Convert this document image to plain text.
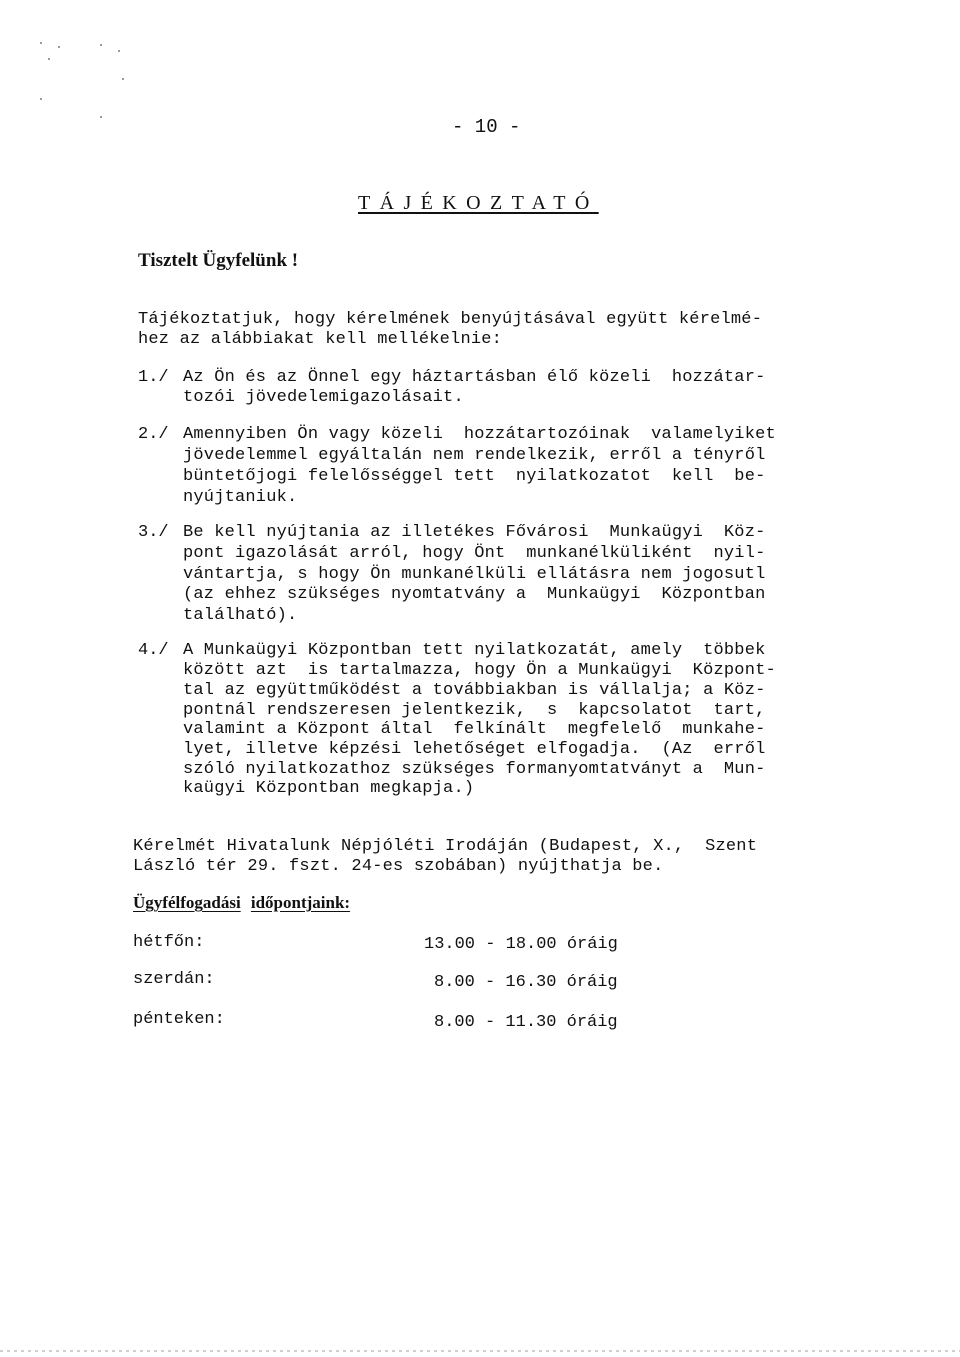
- 10 -
TÁJÉKOZTATÓ
Tisztelt Ügyfelünk !
Tájékoztatjuk, hogy kérelmének benyújtásával együtt kérelmé-
hez az alábbiakat kell mellékelnie:
1./ Az Ön és az Önnel egy háztartásban élő közeli  hozzátar-
tozói jövedelemigazolásait.
2./ Amennyiben Ön vagy közeli  hozzátartozóinak  valamelyiket
jövedelemmel egyáltalán nem rendelkezik, erről a tényről
büntetőjogi felelősséggel tett  nyilatkozatot  kell  be-
nyújtaniuk.
3./ Be kell nyújtania az illetékes Fővárosi  Munkaügyi  Köz-
pont igazolását arról, hogy Önt  munkanélküliként  nyil-
vántartja, s hogy Ön munkanélküli ellátásra nem jogosutl
(az ehhez szükséges nyomtatvány a  Munkaügyi  Központban
található).
4./ A Munkaügyi Központban tett nyilatkozatát, amely  többek
között azt  is tartalmazza, hogy Ön a Munkaügyi  Központ-
tal az együttműködést a továbbiakban is vállalja; a Köz-
pontnál rendszeresen jelentkezik,  s  kapcsolatot  tart,
valamint a Központ által  felkínált  megfelelő  munkahe-
lyet, illetve képzési lehetőséget elfogadja.  (Az  erről
szóló nyilatkozathoz szükséges formanyomtatványt a  Mun-
kaügyi Központban megkapja.)
Kérelmét Hivatalunk Népjóléti Irodáján (Budapest, X.,  Szent
László tér 29. fszt. 24-es szobában) nyújthatja be.
Ügyfélfogadási időpontjaink:
hétfőn:	13.00 - 18.00 óráig
szerdán:	8.00 - 16.30 óráig
pénteken:	8.00 - 11.30 óráig
